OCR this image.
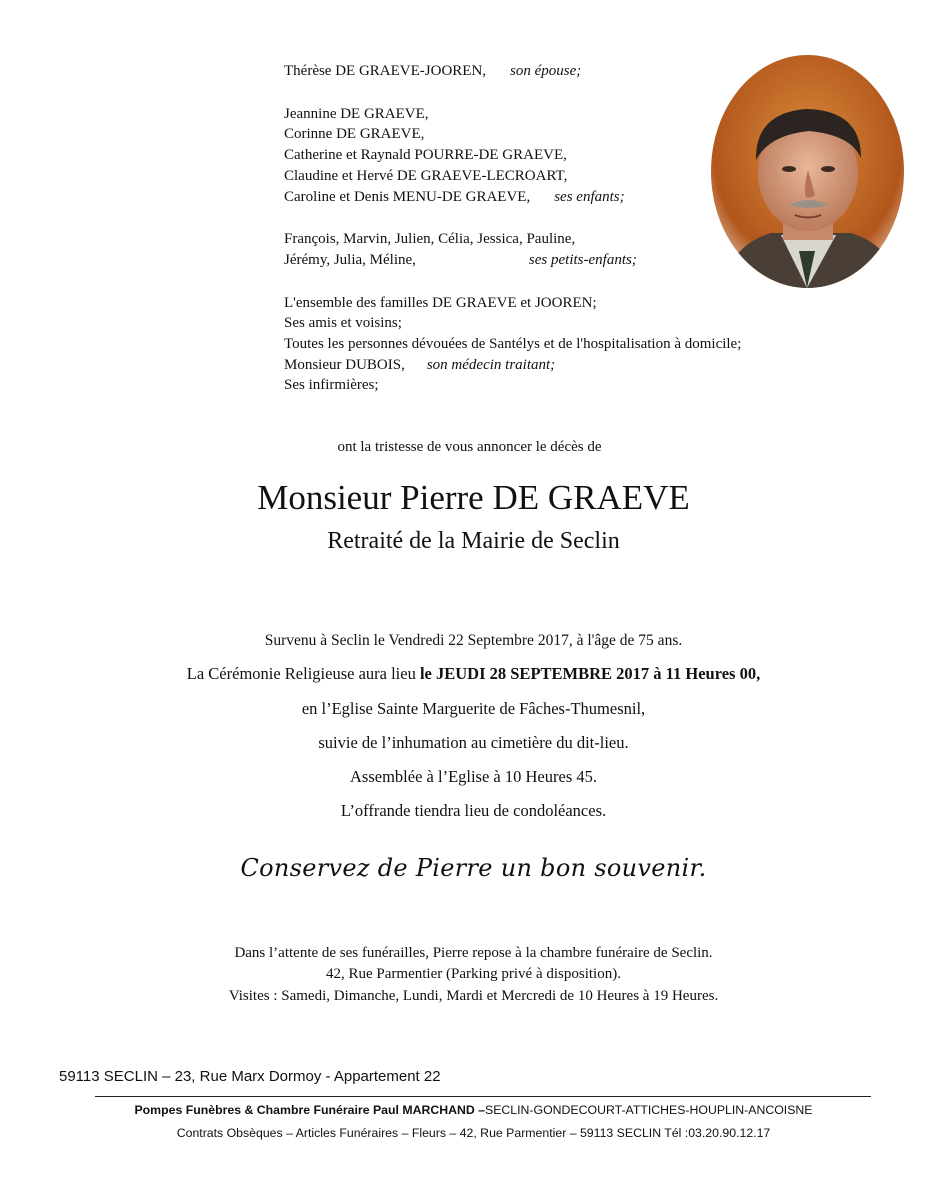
Thérèse DE GRAEVE-JOOREN, son épouse;

Jeannine DE GRAEVE,

Corinne DE GRAEVE,

Catherine et Raynald POURRE-DE GRAEVE,

Claudine et Hervé DE GRAEVE-LECROART,

Caroline et Denis MENU-DE GRAEVE, ses enfants;

François, Marvin, Julien, Célia, Jessica, Pauline,

Jérémy, Julia, Méline,	ses petits-enfants;

L'ensemble des familles DE GRAEVE et JOOREN;

Ses amis et voisins;

Toutes les personnes dévouées de Santélys et de l'hospitalisation à domicile;

Monsieur DUBOIS, son médecin traitant;

Ses infirmières;

ont la tristesse de vous annoncer le décès de
Monsieur Pierre DE GRAEVE
Retraité de la Mairie de Seclin
Survenu à Seclin le Vendredi 22 Septembre 2017, à l'âge de 75 ans.
La Cérémonie Religieuse aura lieu le JEUDI 28 SEPTEMBRE 2017 à 11 Heures 00,
en l’Eglise Sainte Marguerite de Fâches-Thumesnil,
suivie de l’inhumation au cimetière du dit-lieu.
Assemblée à l’Eglise à 10 Heures 45.
L’offrande tiendra lieu de condoléances.
Conservez de Pierre un bon souvenir.
Dans l’attente de ses funérailles, Pierre repose à la chambre funéraire de Seclin.
42, Rue Parmentier (Parking privé à disposition).
Visites : Samedi, Dimanche, Lundi, Mardi et Mercredi de 10 Heures à 19 Heures.
59113 SECLIN – 23, Rue Marx Dormoy - Appartement 22
Pompes Funèbres & Chambre Funéraire Paul MARCHAND –SECLIN-GONDECOURT-ATTICHES-HOUPLIN-ANCOISNE
Contrats Obsèques – Articles Funéraires – Fleurs – 42, Rue Parmentier – 59113 SECLIN Tél :03.20.90.12.17
